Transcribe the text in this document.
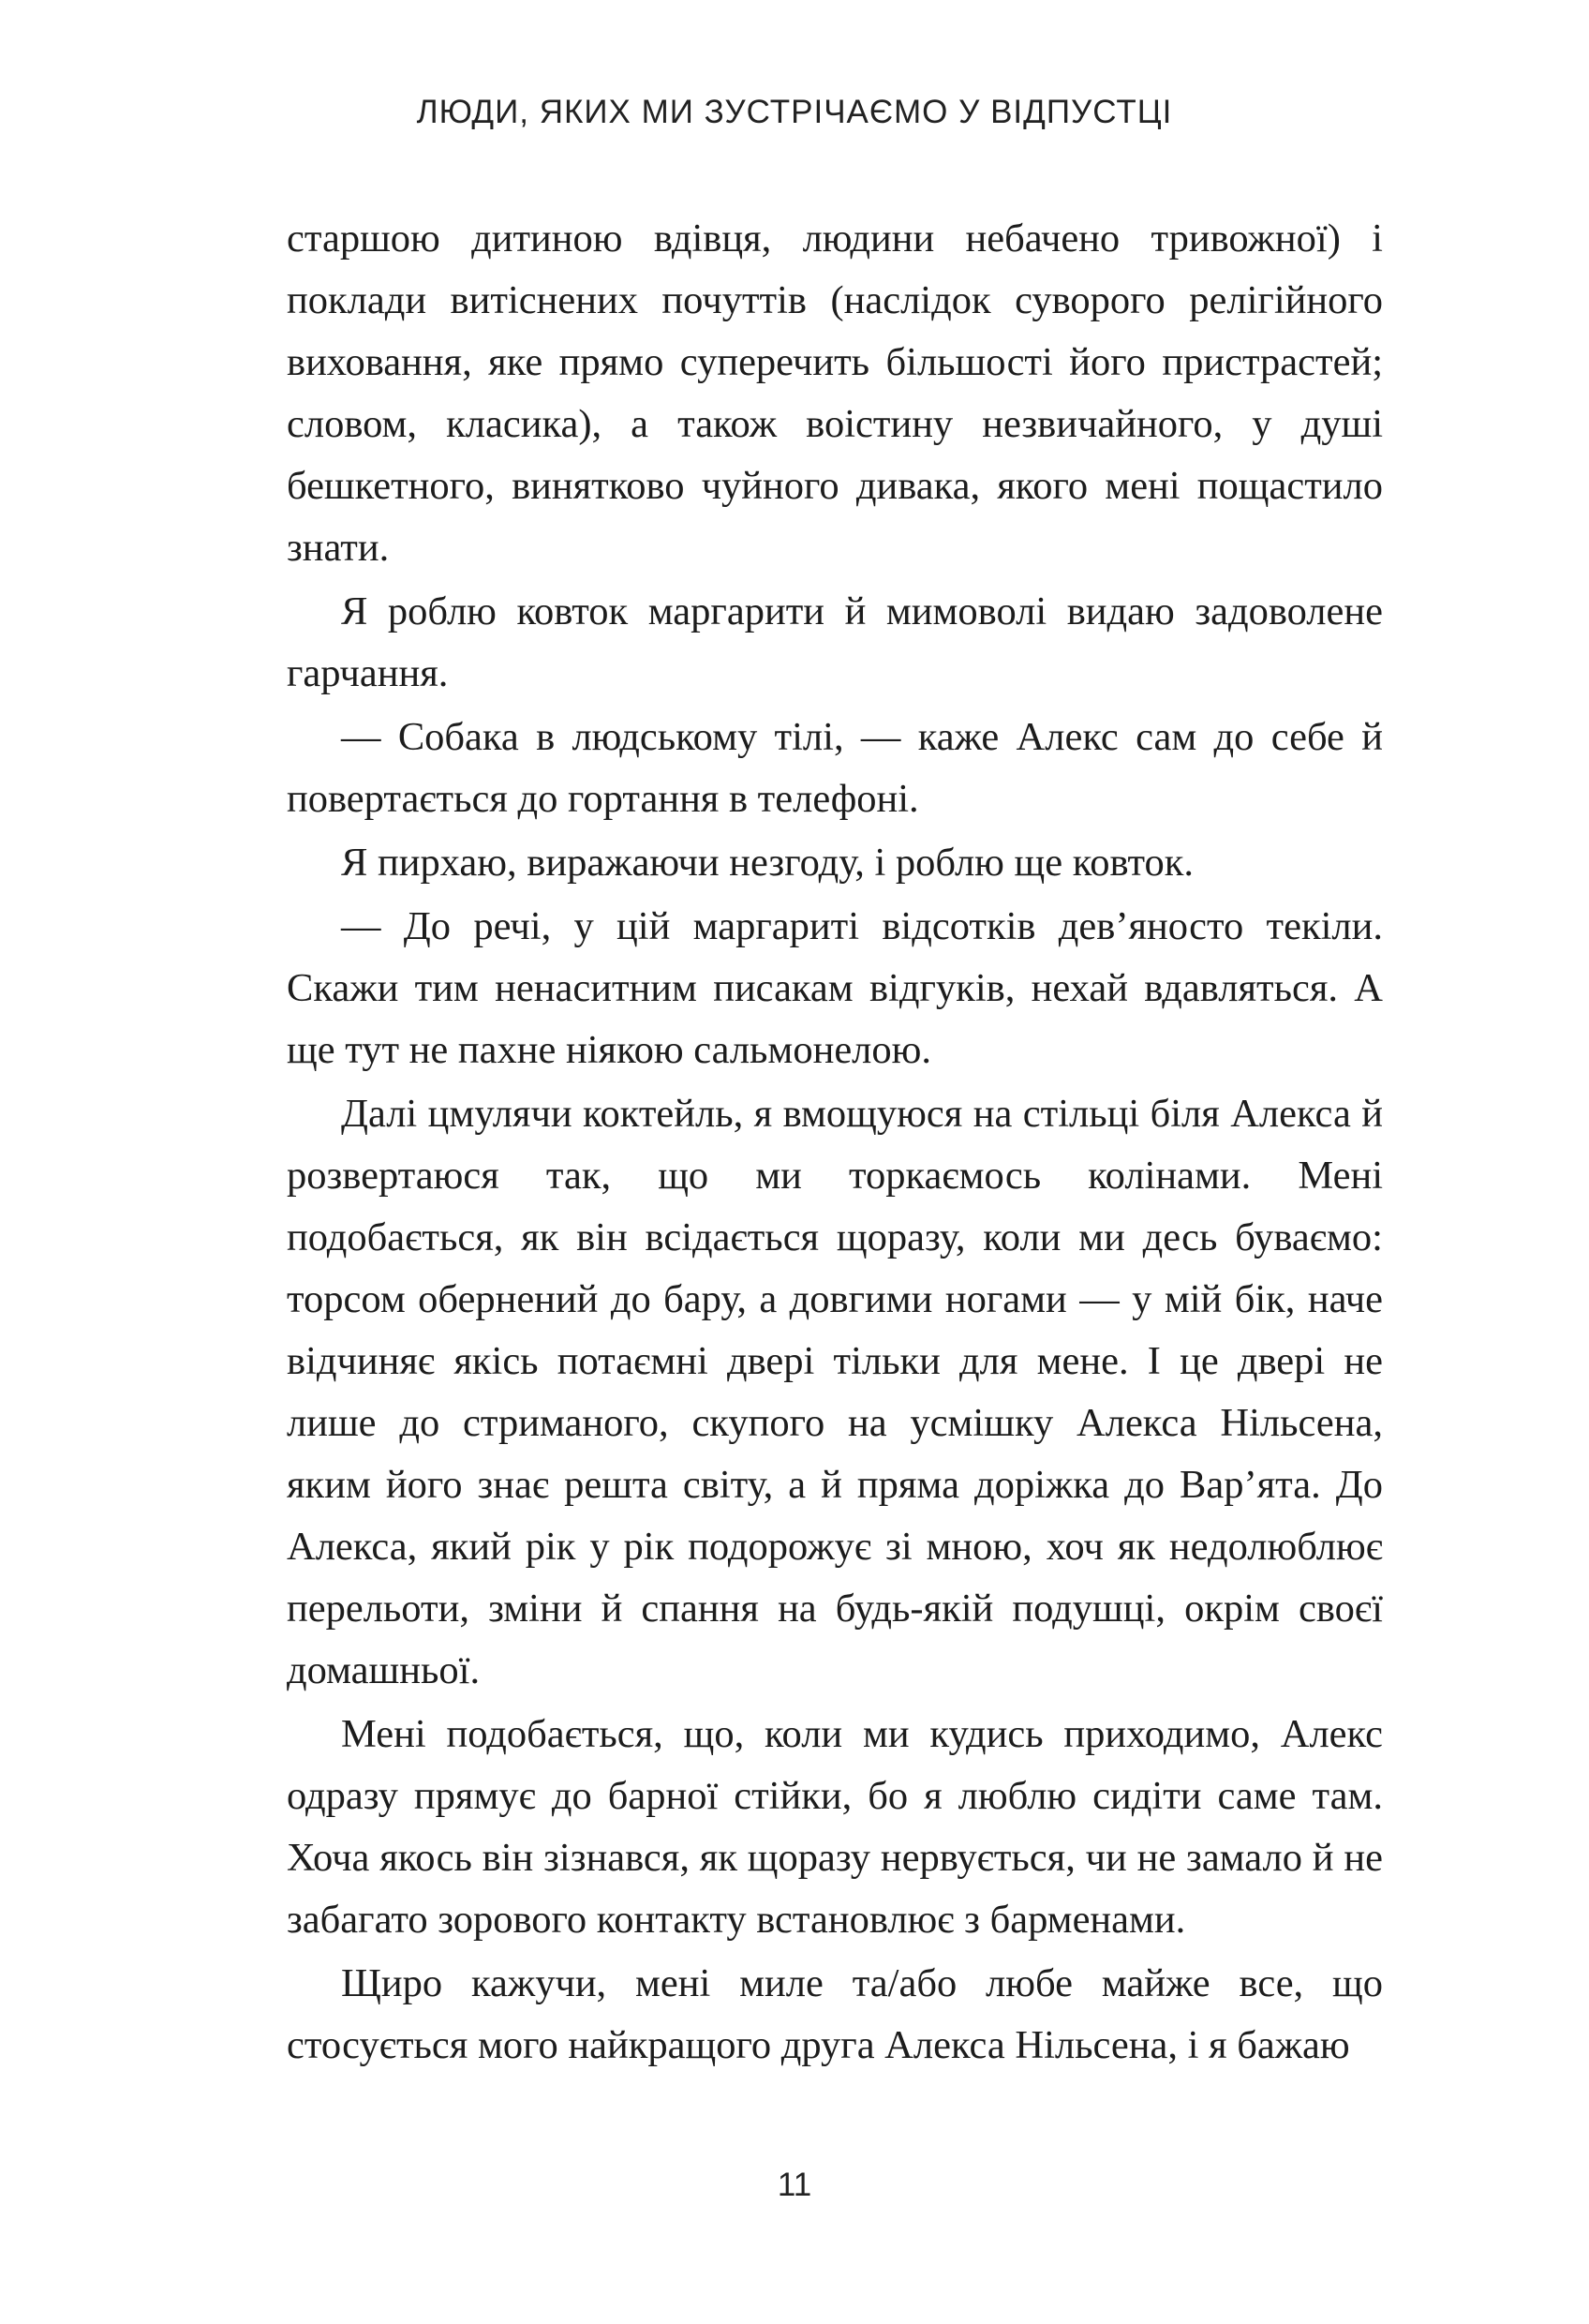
ЛЮДИ, ЯКИХ МИ ЗУСТРІЧАЄМО У ВІДПУСТЦІ

старшою дитиною вдівця, людини небачено тривожної) і поклади витіснених почуттів (наслідок суворого релігійного виховання, яке прямо суперечить більшості його пристрастей; словом, класика), а також воістину незвичайного, у душі бешкетного, винятково чуйного дивака, якого мені пощастило знати.

Я роблю ковток маргарити й мимоволі видаю задоволене гарчання.

— Собака в людському тілі, — каже Алекс сам до себе й повертається до гортання в телефоні.

Я пирхаю, виражаючи незгоду, і роблю ще ковток.

— До речі, у цій маргариті відсотків дев’яносто текіли. Скажи тим ненаситним писакам відгуків, нехай вдавляться. А ще тут не пахне ніякою сальмонелою.

Далі цмулячи коктейль, я вмощуюся на стільці біля Алекса й розвертаюся так, що ми торкаємось колінами. Мені подобається, як він всідається щоразу, коли ми десь буваємо: торсом обернений до бару, а довгими ногами — у мій бік, наче відчиняє якісь потаємні двері тільки для мене. І це двері не лише до стриманого, скупого на усмішку Алекса Нільсена, яким його знає решта світу, а й пряма доріжка до Вар’ята. До Алекса, який рік у рік подорожує зі мною, хоч як недолюблює перельоти, зміни й спання на будь-якій подушці, окрім своєї домашньої.

Мені подобається, що, коли ми кудись приходимо, Алекс одразу прямує до барної стійки, бо я люблю сидіти саме там. Хоча якось він зізнався, як щоразу нервується, чи не замало й не забагато зорового контакту встановлює з барменами.

Щиро кажучи, мені миле та/або любе майже все, що стосується мого найкращого друга Алекса Нільсена, і я бажаю

11
